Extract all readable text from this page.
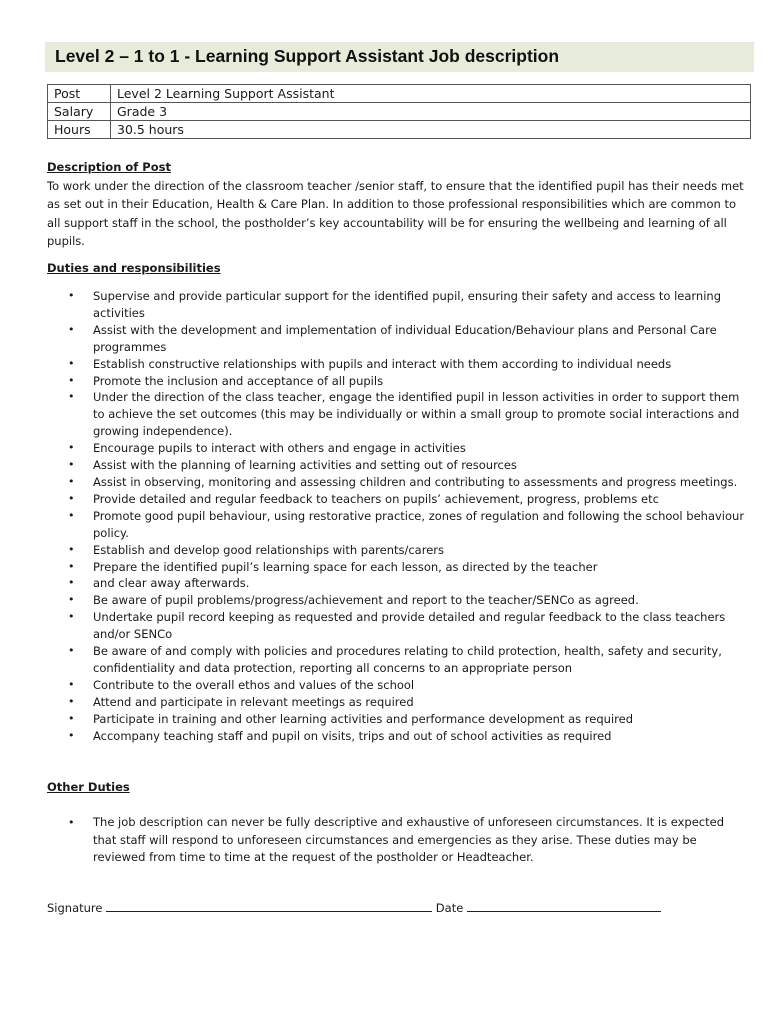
Level 2 – 1 to 1 - Learning Support Assistant Job description
Post	Level 2 Learning Support Assistant
Salary	Grade 3
Hours	30.5 hours
Description of Post

To work under the direction of the classroom teacher /senior staff, to ensure that the identified pupil has their needs met as set out in their Education, Health & Care Plan. In addition to those professional responsibilities which are common to all support staff in the school, the postholder’s key accountability will be for ensuring the wellbeing and learning of all pupils.

Duties and responsibilities
• Supervise and provide particular support for the identified pupil, ensuring their safety and access to learning activities
• Assist with the development and implementation of individual Education/Behaviour plans and Personal Care programmes
• Establish constructive relationships with pupils and interact with them according to individual needs
• Promote the inclusion and acceptance of all pupils
• Under the direction of the class teacher, engage the identified pupil in lesson activities in order to support them to achieve the set outcomes (this may be individually or within a small group to promote social interactions and growing independence).
• Encourage pupils to interact with others and engage in activities
• Assist with the planning of learning activities and setting out of resources
• Assist in observing, monitoring and assessing children and contributing to assessments and progress meetings.
• Provide detailed and regular feedback to teachers on pupils’ achievement, progress, problems etc
• Promote good pupil behaviour, using restorative practice, zones of regulation and following the school behaviour policy.
• Establish and develop good relationships with parents/carers
• Prepare the identified pupil’s learning space for each lesson, as directed by the teacher
• and clear away afterwards.
• Be aware of pupil problems/progress/achievement and report to the teacher/SENCo as agreed.
• Undertake pupil record keeping as requested and provide detailed and regular feedback to the class teachers and/or SENCo
• Be aware of and comply with policies and procedures relating to child protection, health, safety and security, confidentiality and data protection, reporting all concerns to an appropriate person
• Contribute to the overall ethos and values of the school
• Attend and participate in relevant meetings as required
• Participate in training and other learning activities and performance development as required
• Accompany teaching staff and pupil on visits, trips and out of school activities as required
Other Duties
• The job description can never be fully descriptive and exhaustive of unforeseen circumstances. It is expected that staff will respond to unforeseen circumstances and emergencies as they arise. These duties may be reviewed from time to time at the request of the postholder or Headteacher.
Signature	Date
